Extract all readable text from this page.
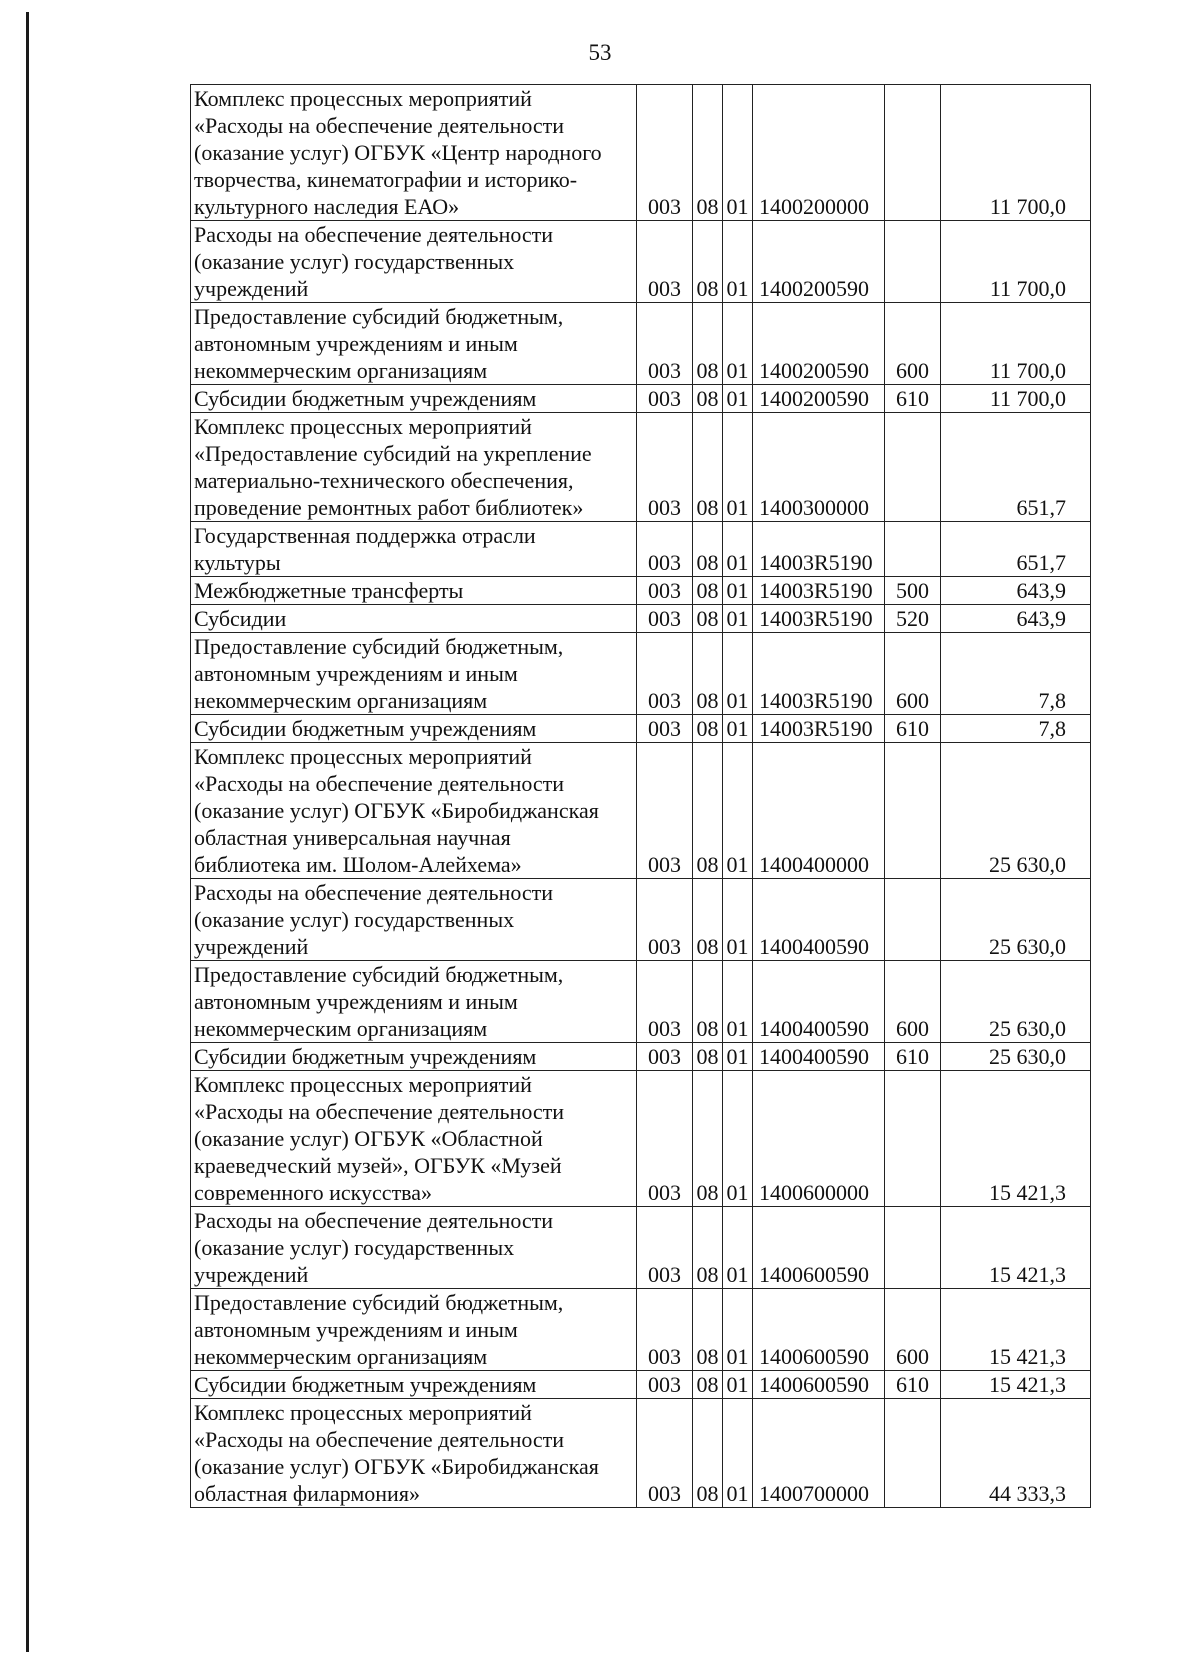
53
Комплекс процессных мероприятий
«Расходы на обеспечение деятельности
(оказание услуг) ОГБУК «Центр народного
творчества, кинематографии и историко-
культурного наследия ЕАО»	003	08	01	1400200000		11 700,0

Расходы на обеспечение деятельности
(оказание услуг) государственных
учреждений	003	08	01	1400200590		11 700,0

Предоставление субсидий бюджетным,
автономным учреждениям и иным
некоммерческим организациям	003	08	01	1400200590	600	11 700,0

Субсидии бюджетным учреждениям	003	08	01	1400200590	610	11 700,0

Комплекс процессных мероприятий
«Предоставление субсидий на укрепление
материально-технического обеспечения,
проведение ремонтных работ библиотек»	003	08	01	1400300000		651,7

Государственная поддержка отрасли
культуры	003	08	01	14003R5190		651,7

Межбюджетные трансферты	003	08	01	14003R5190	500	643,9

Субсидии	003	08	01	14003R5190	520	643,9

Предоставление субсидий бюджетным,
автономным учреждениям и иным
некоммерческим организациям	003	08	01	14003R5190	600	7,8

Субсидии бюджетным учреждениям	003	08	01	14003R5190	610	7,8

Комплекс процессных мероприятий
«Расходы на обеспечение деятельности
(оказание услуг) ОГБУК «Биробиджанская
областная универсальная научная
библиотека им. Шолом-Алейхема»	003	08	01	1400400000		25 630,0

Расходы на обеспечение деятельности
(оказание услуг) государственных
учреждений	003	08	01	1400400590		25 630,0

Предоставление субсидий бюджетным,
автономным учреждениям и иным
некоммерческим организациям	003	08	01	1400400590	600	25 630,0

Субсидии бюджетным учреждениям	003	08	01	1400400590	610	25 630,0

Комплекс процессных мероприятий
«Расходы на обеспечение деятельности
(оказание услуг) ОГБУК «Областной
краеведческий музей», ОГБУК «Музей
современного искусства»	003	08	01	1400600000		15 421,3

Расходы на обеспечение деятельности
(оказание услуг) государственных
учреждений	003	08	01	1400600590		15 421,3

Предоставление субсидий бюджетным,
автономным учреждениям и иным
некоммерческим организациям	003	08	01	1400600590	600	15 421,3

Субсидии бюджетным учреждениям	003	08	01	1400600590	610	15 421,3

Комплекс процессных мероприятий
«Расходы на обеспечение деятельности
(оказание услуг) ОГБУК «Биробиджанская
областная филармония»	003	08	01	1400700000		44 333,3
